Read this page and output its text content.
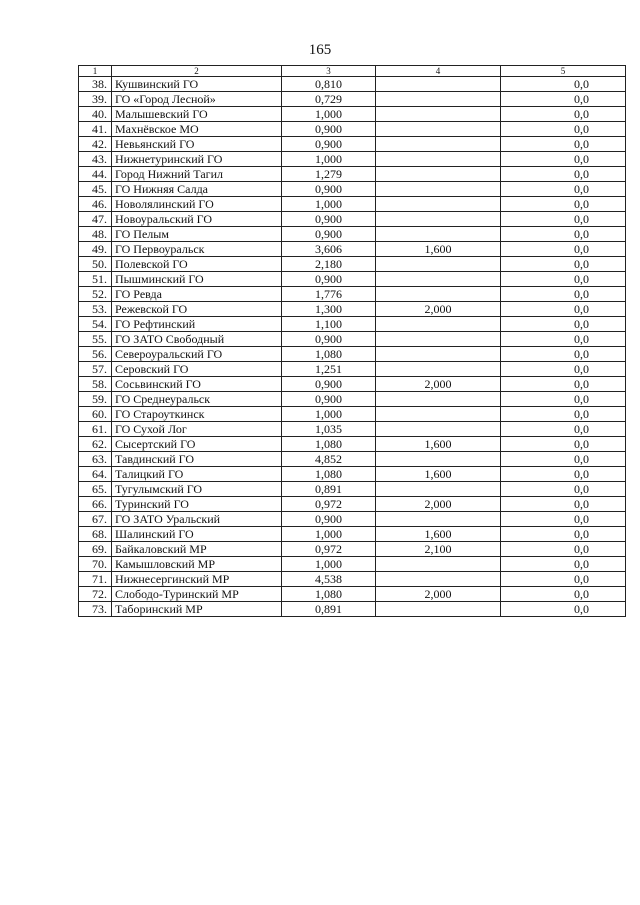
165
1	2	3	4	5
38.	Кушвинский ГО	0,810		0,0
39.	ГО «Город Лесной»	0,729		0,0
40.	Малышевский ГО	1,000		0,0
41.	Махнёвское МО	0,900		0,0
42.	Невьянский ГО	0,900		0,0
43.	Нижнетуринский ГО	1,000		0,0
44.	Город Нижний Тагил	1,279		0,0
45.	ГО Нижняя Салда	0,900		0,0
46.	Новолялинский ГО	1,000		0,0
47.	Новоуральский ГО	0,900		0,0
48.	ГО Пелым	0,900		0,0
49.	ГО Первоуральск	3,606	1,600	0,0
50.	Полевской ГО	2,180		0,0
51.	Пышминский ГО	0,900		0,0
52.	ГО Ревда	1,776		0,0
53.	Режевской ГО	1,300	2,000	0,0
54.	ГО Рефтинский	1,100		0,0
55.	ГО ЗАТО Свободный	0,900		0,0
56.	Североуральский ГО	1,080		0,0
57.	Серовский ГО	1,251		0,0
58.	Сосьвинский ГО	0,900	2,000	0,0
59.	ГО Среднеуральск	0,900		0,0
60.	ГО Староуткинск	1,000		0,0
61.	ГО Сухой Лог	1,035		0,0
62.	Сысертский ГО	1,080	1,600	0,0
63.	Тавдинский ГО	4,852		0,0
64.	Талицкий ГО	1,080	1,600	0,0
65.	Тугулымский ГО	0,891		0,0
66.	Туринский ГО	0,972	2,000	0,0
67.	ГО ЗАТО Уральский	0,900		0,0
68.	Шалинский ГО	1,000	1,600	0,0
69.	Байкаловский МР	0,972	2,100	0,0
70.	Камышловский МР	1,000		0,0
71.	Нижнесергинский МР	4,538		0,0
72.	Слободо-Туринский МР	1,080	2,000	0,0
73.	Таборинский МР	0,891		0,0
